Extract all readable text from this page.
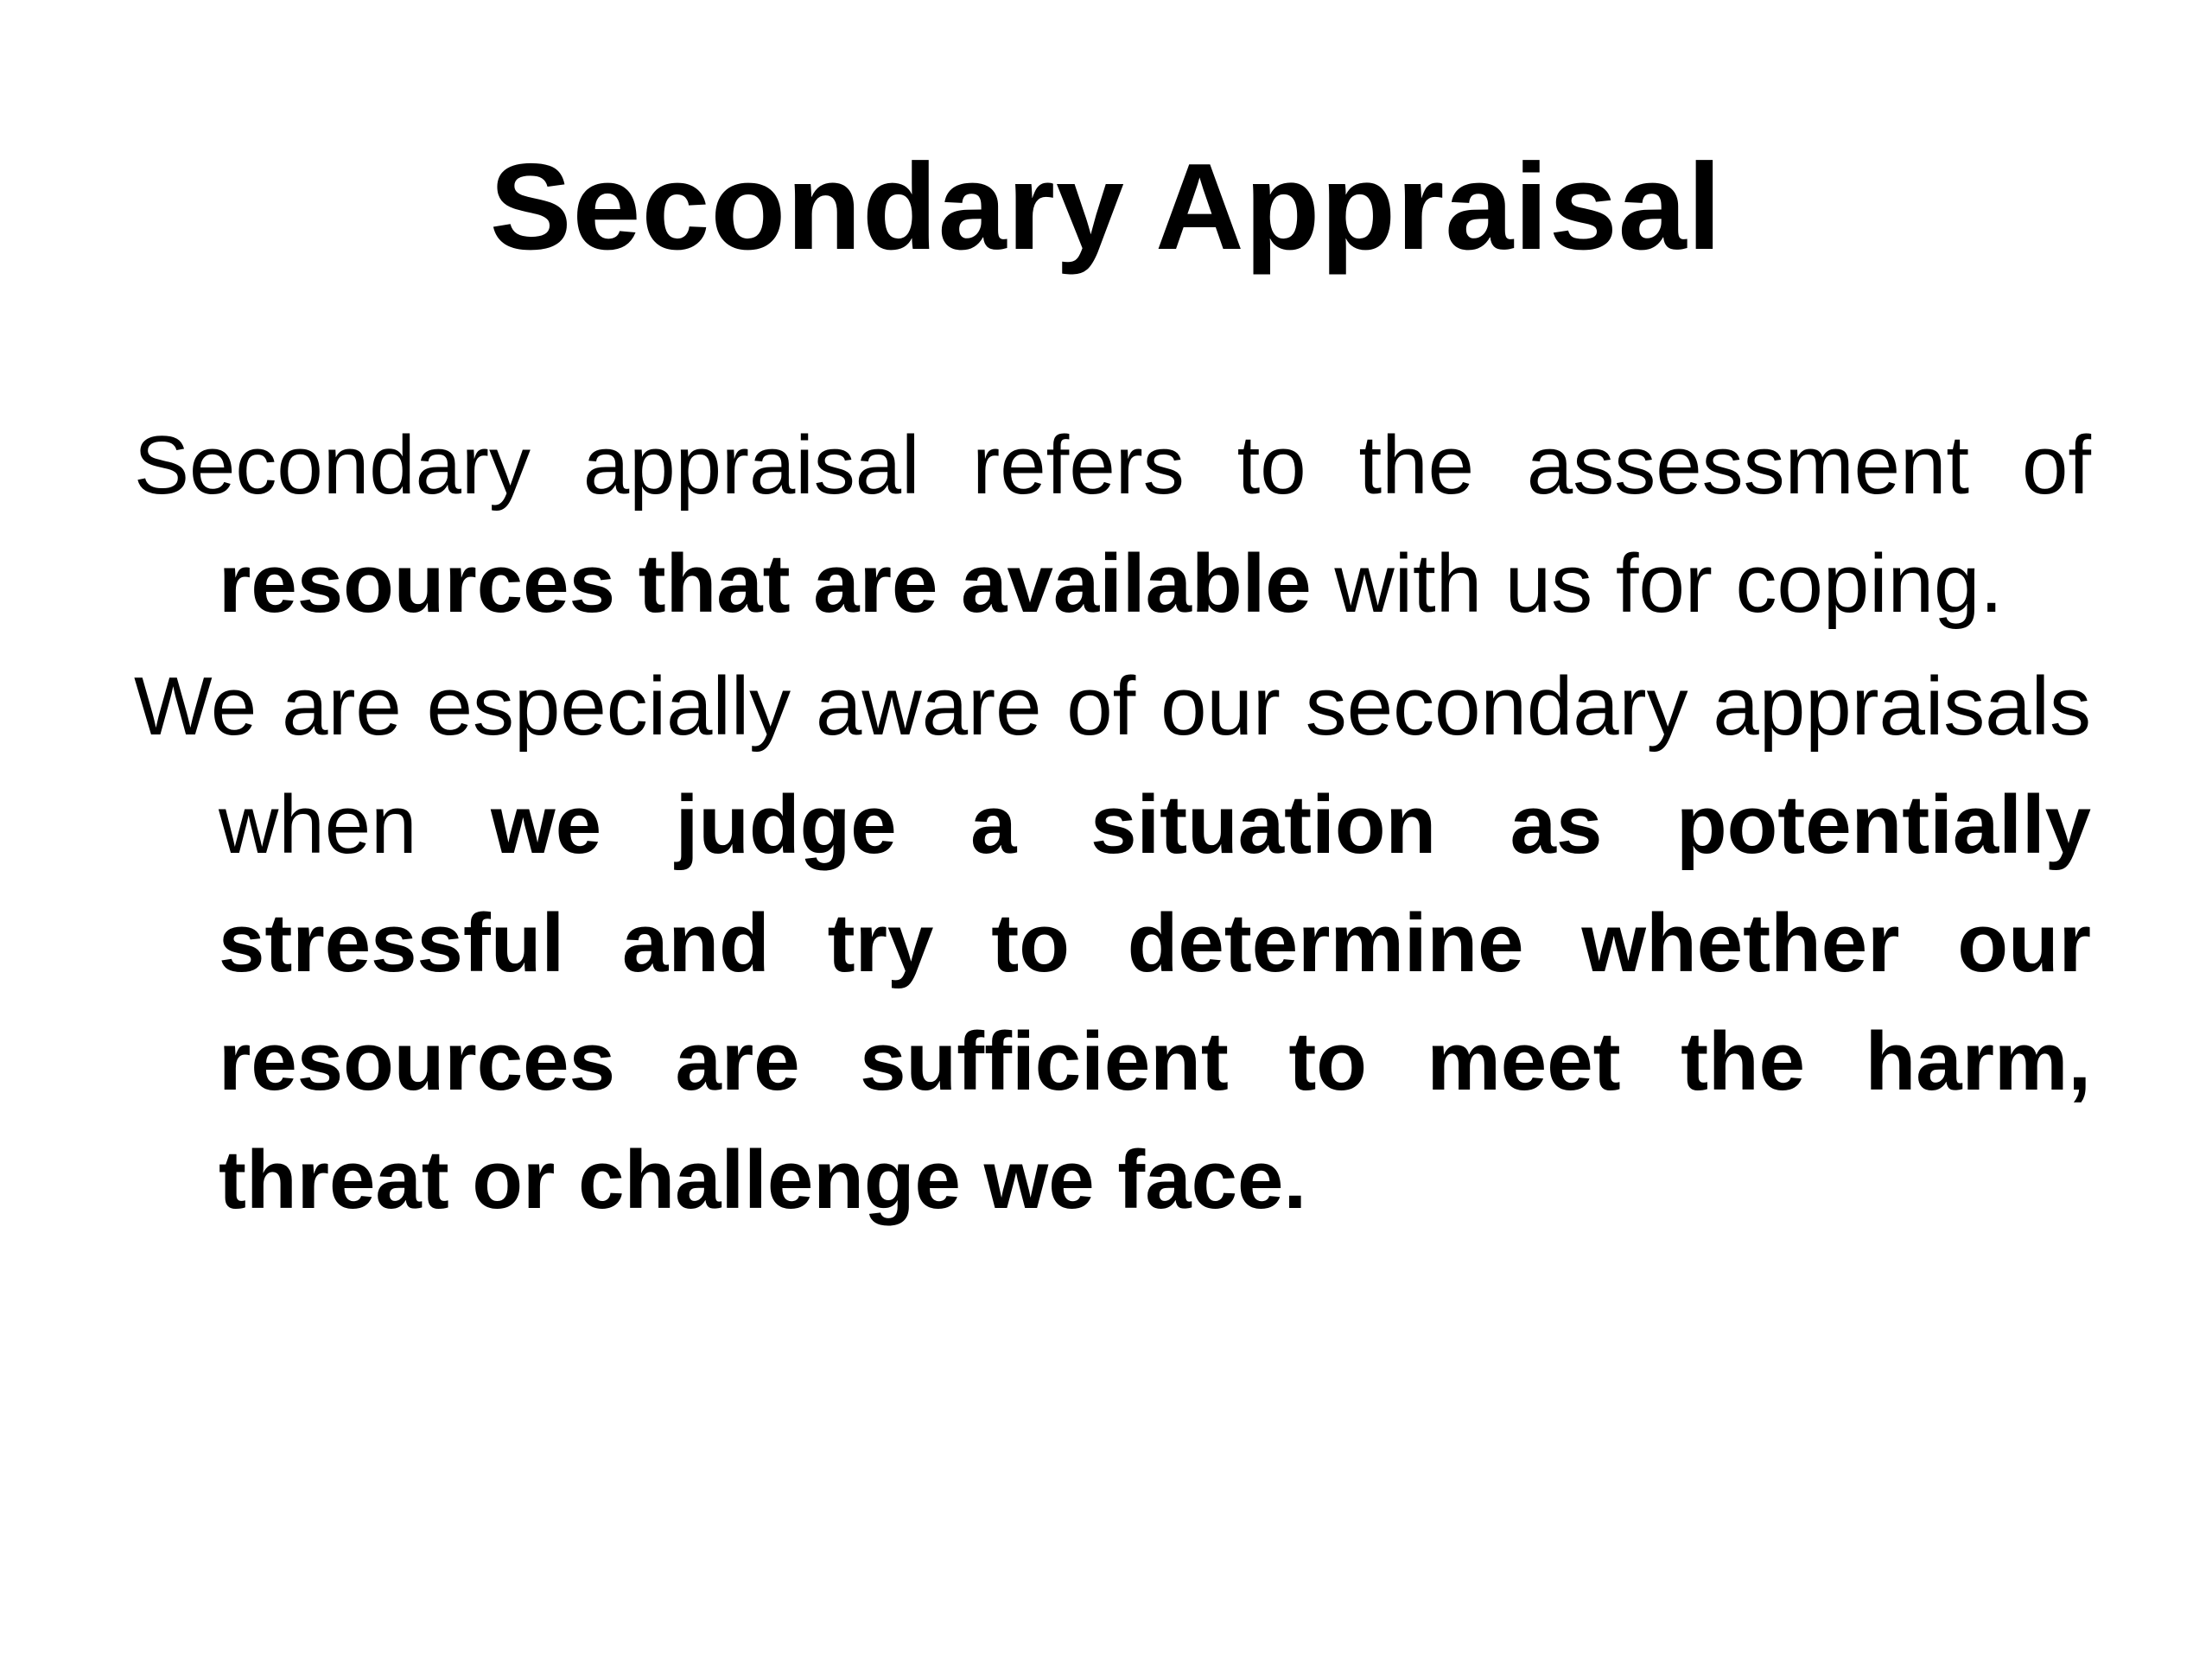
Secondary Appraisal

Secondary appraisal refers to the assessment of resources that are available with us for coping.

We are especially aware of our secondary appraisals when we judge a situation as potentially stressful and try to determine whether our resources are sufficient to meet the harm, threat or challenge we face.
